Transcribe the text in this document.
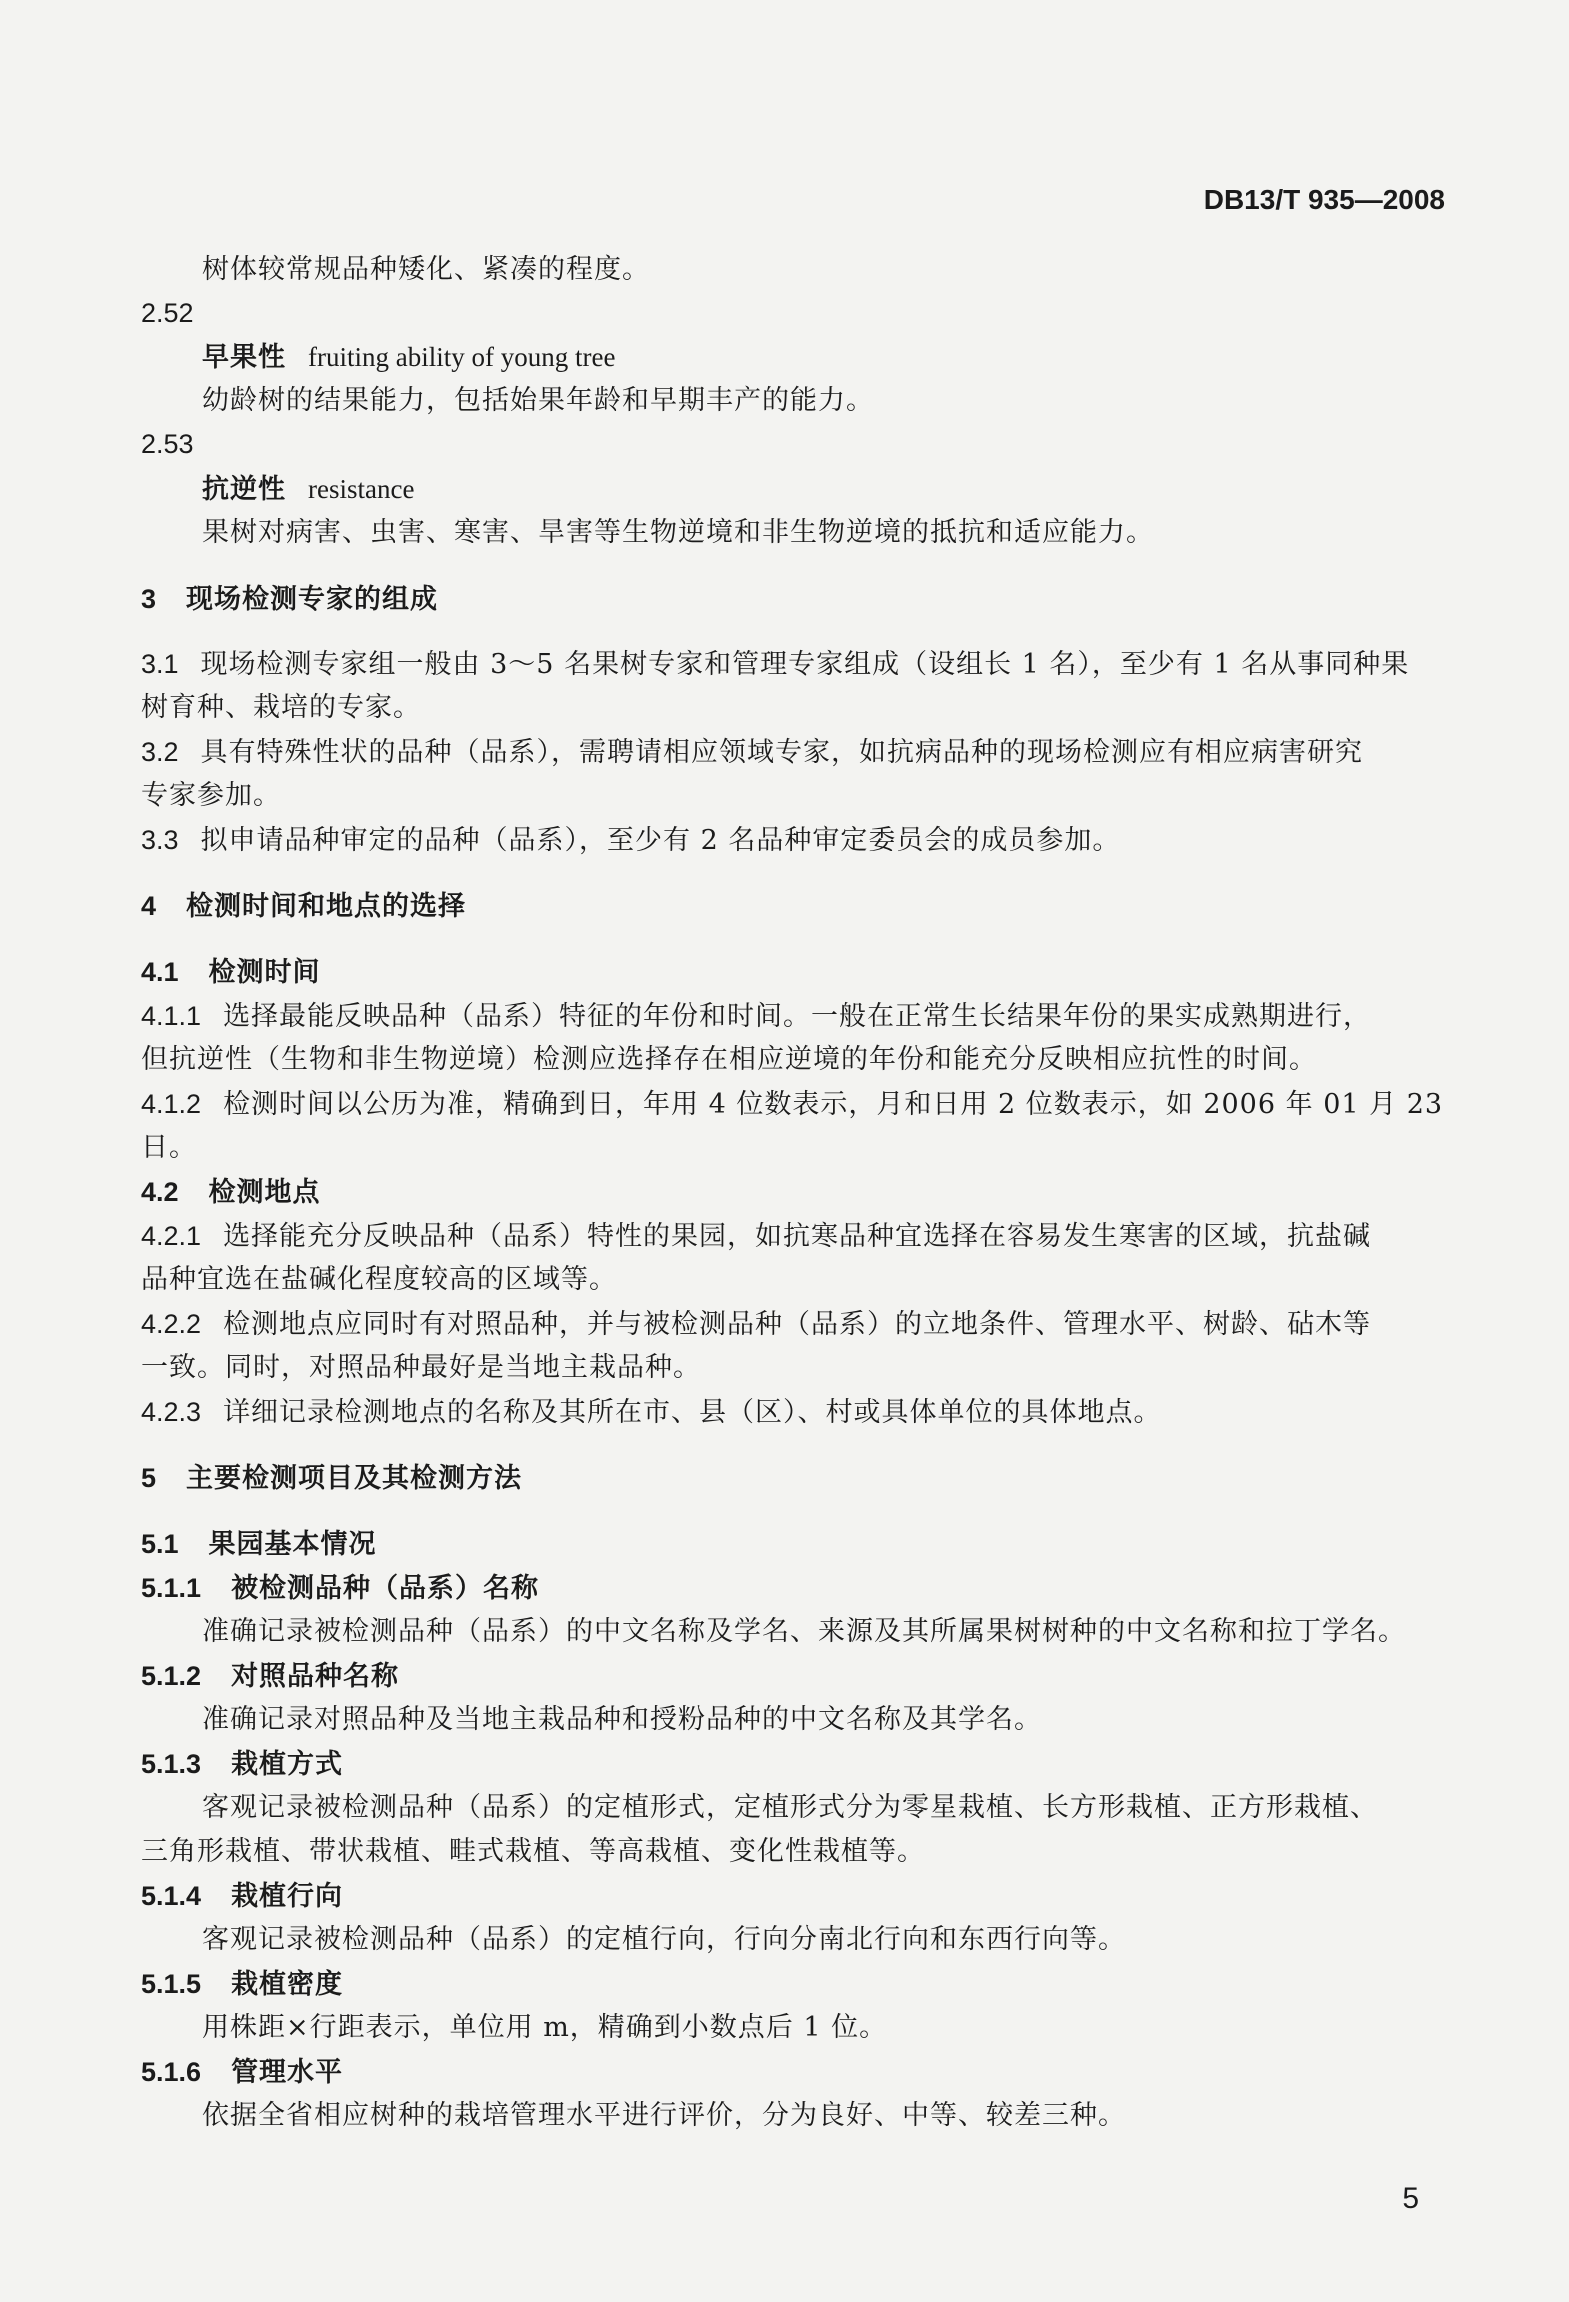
DB13/T 935—2008
树体较常规品种矮化、紧凑的程度。
2.52
早果性 fruiting ability of young tree
幼龄树的结果能力，包括始果年龄和早期丰产的能力。
2.53
抗逆性 resistance
果树对病害、虫害、寒害、旱害等生物逆境和非生物逆境的抵抗和适应能力。
3 现场检测专家的组成
3.1 现场检测专家组一般由 3～5 名果树专家和管理专家组成（设组长 1 名），至少有 1 名从事同种果
树育种、栽培的专家。
3.2 具有特殊性状的品种（品系），需聘请相应领域专家，如抗病品种的现场检测应有相应病害研究
专家参加。
3.3 拟申请品种审定的品种（品系），至少有 2 名品种审定委员会的成员参加。
4 检测时间和地点的选择
4.1 检测时间
4.1.1 选择最能反映品种（品系）特征的年份和时间。一般在正常生长结果年份的果实成熟期进行，
但抗逆性（生物和非生物逆境）检测应选择存在相应逆境的年份和能充分反映相应抗性的时间。
4.1.2 检测时间以公历为准，精确到日，年用 4 位数表示，月和日用 2 位数表示，如 2006 年 01 月 23
日。
4.2 检测地点
4.2.1 选择能充分反映品种（品系）特性的果园，如抗寒品种宜选择在容易发生寒害的区域，抗盐碱
品种宜选在盐碱化程度较高的区域等。
4.2.2 检测地点应同时有对照品种，并与被检测品种（品系）的立地条件、管理水平、树龄、砧木等
一致。同时，对照品种最好是当地主栽品种。
4.2.3 详细记录检测地点的名称及其所在市、县（区）、村或具体单位的具体地点。
5 主要检测项目及其检测方法
5.1 果园基本情况
5.1.1 被检测品种（品系）名称
准确记录被检测品种（品系）的中文名称及学名、来源及其所属果树树种的中文名称和拉丁学名。
5.1.2 对照品种名称
准确记录对照品种及当地主栽品种和授粉品种的中文名称及其学名。
5.1.3 栽植方式
客观记录被检测品种（品系）的定植形式，定植形式分为零星栽植、长方形栽植、正方形栽植、
三角形栽植、带状栽植、畦式栽植、等高栽植、变化性栽植等。
5.1.4 栽植行向
客观记录被检测品种（品系）的定植行向，行向分南北行向和东西行向等。
5.1.5 栽植密度
用株距×行距表示，单位用 m，精确到小数点后 1 位。
5.1.6 管理水平
依据全省相应树种的栽培管理水平进行评价，分为良好、中等、较差三种。
5
